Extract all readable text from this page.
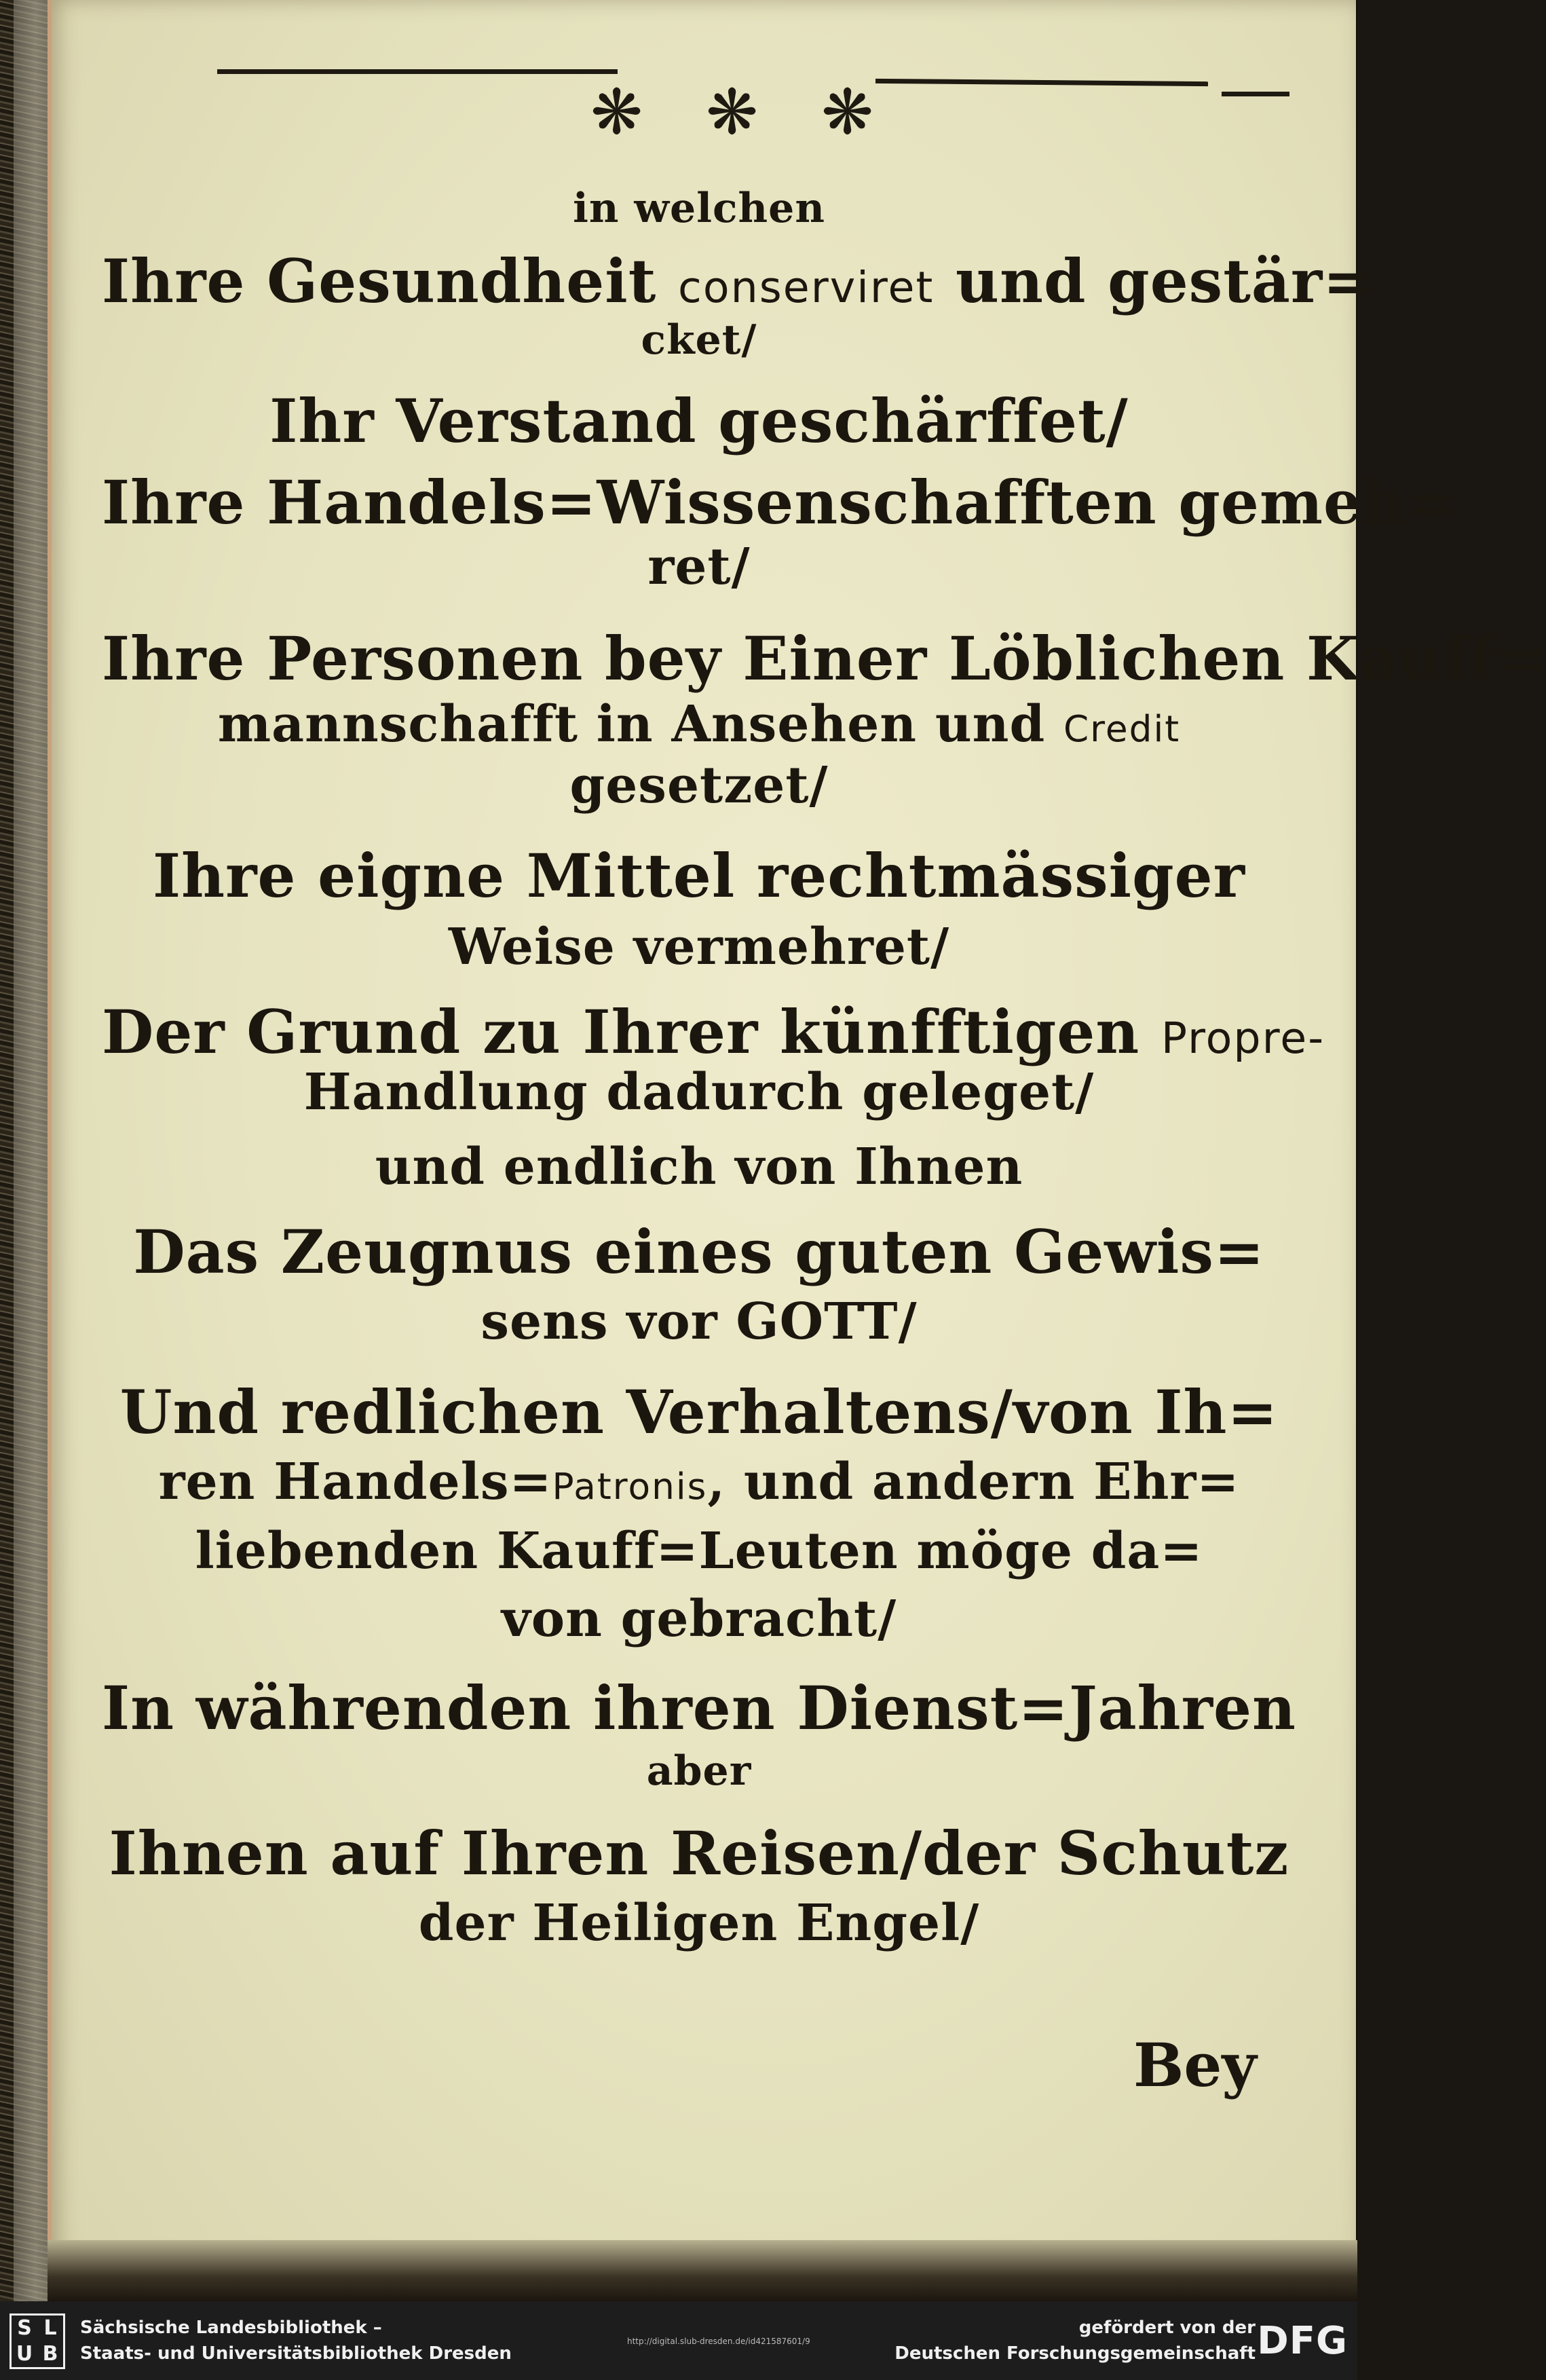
❋ ❋ ❋
in welchen
Ihre Gesundheit conserviret und gestär=
cket/
Ihr Verstand geschärffet/
Ihre Handels=Wissenschafften gemeh=
ret/
Ihre Personen bey Einer Löblichen Kauff=
mannschafft in Ansehen und Credit
gesetzet/
Ihre eigne Mittel rechtmässiger
Weise vermehret/
Der Grund zu Ihrer künfftigen Propre-
Handlung dadurch geleget/
und endlich von Ihnen
Das Zeugnus eines guten Gewis=
sens vor GOTT/
Und redlichen Verhaltens/von Ih=
ren Handels=Patronis, und andern Ehr=
liebenden Kauff=Leuten möge da=
von gebracht/
In währenden ihren Dienst=Jahren
aber
Ihnen auf Ihren Reisen/der Schutz
der Heiligen Engel/
Bey
S L
U B
Sächsische Landesbibliothek –
Staats- und Universitätsbibliothek Dresden
http://digital.slub-dresden.de/id421587601/9
gefördert von der
Deutschen Forschungsgemeinschaft DFG
